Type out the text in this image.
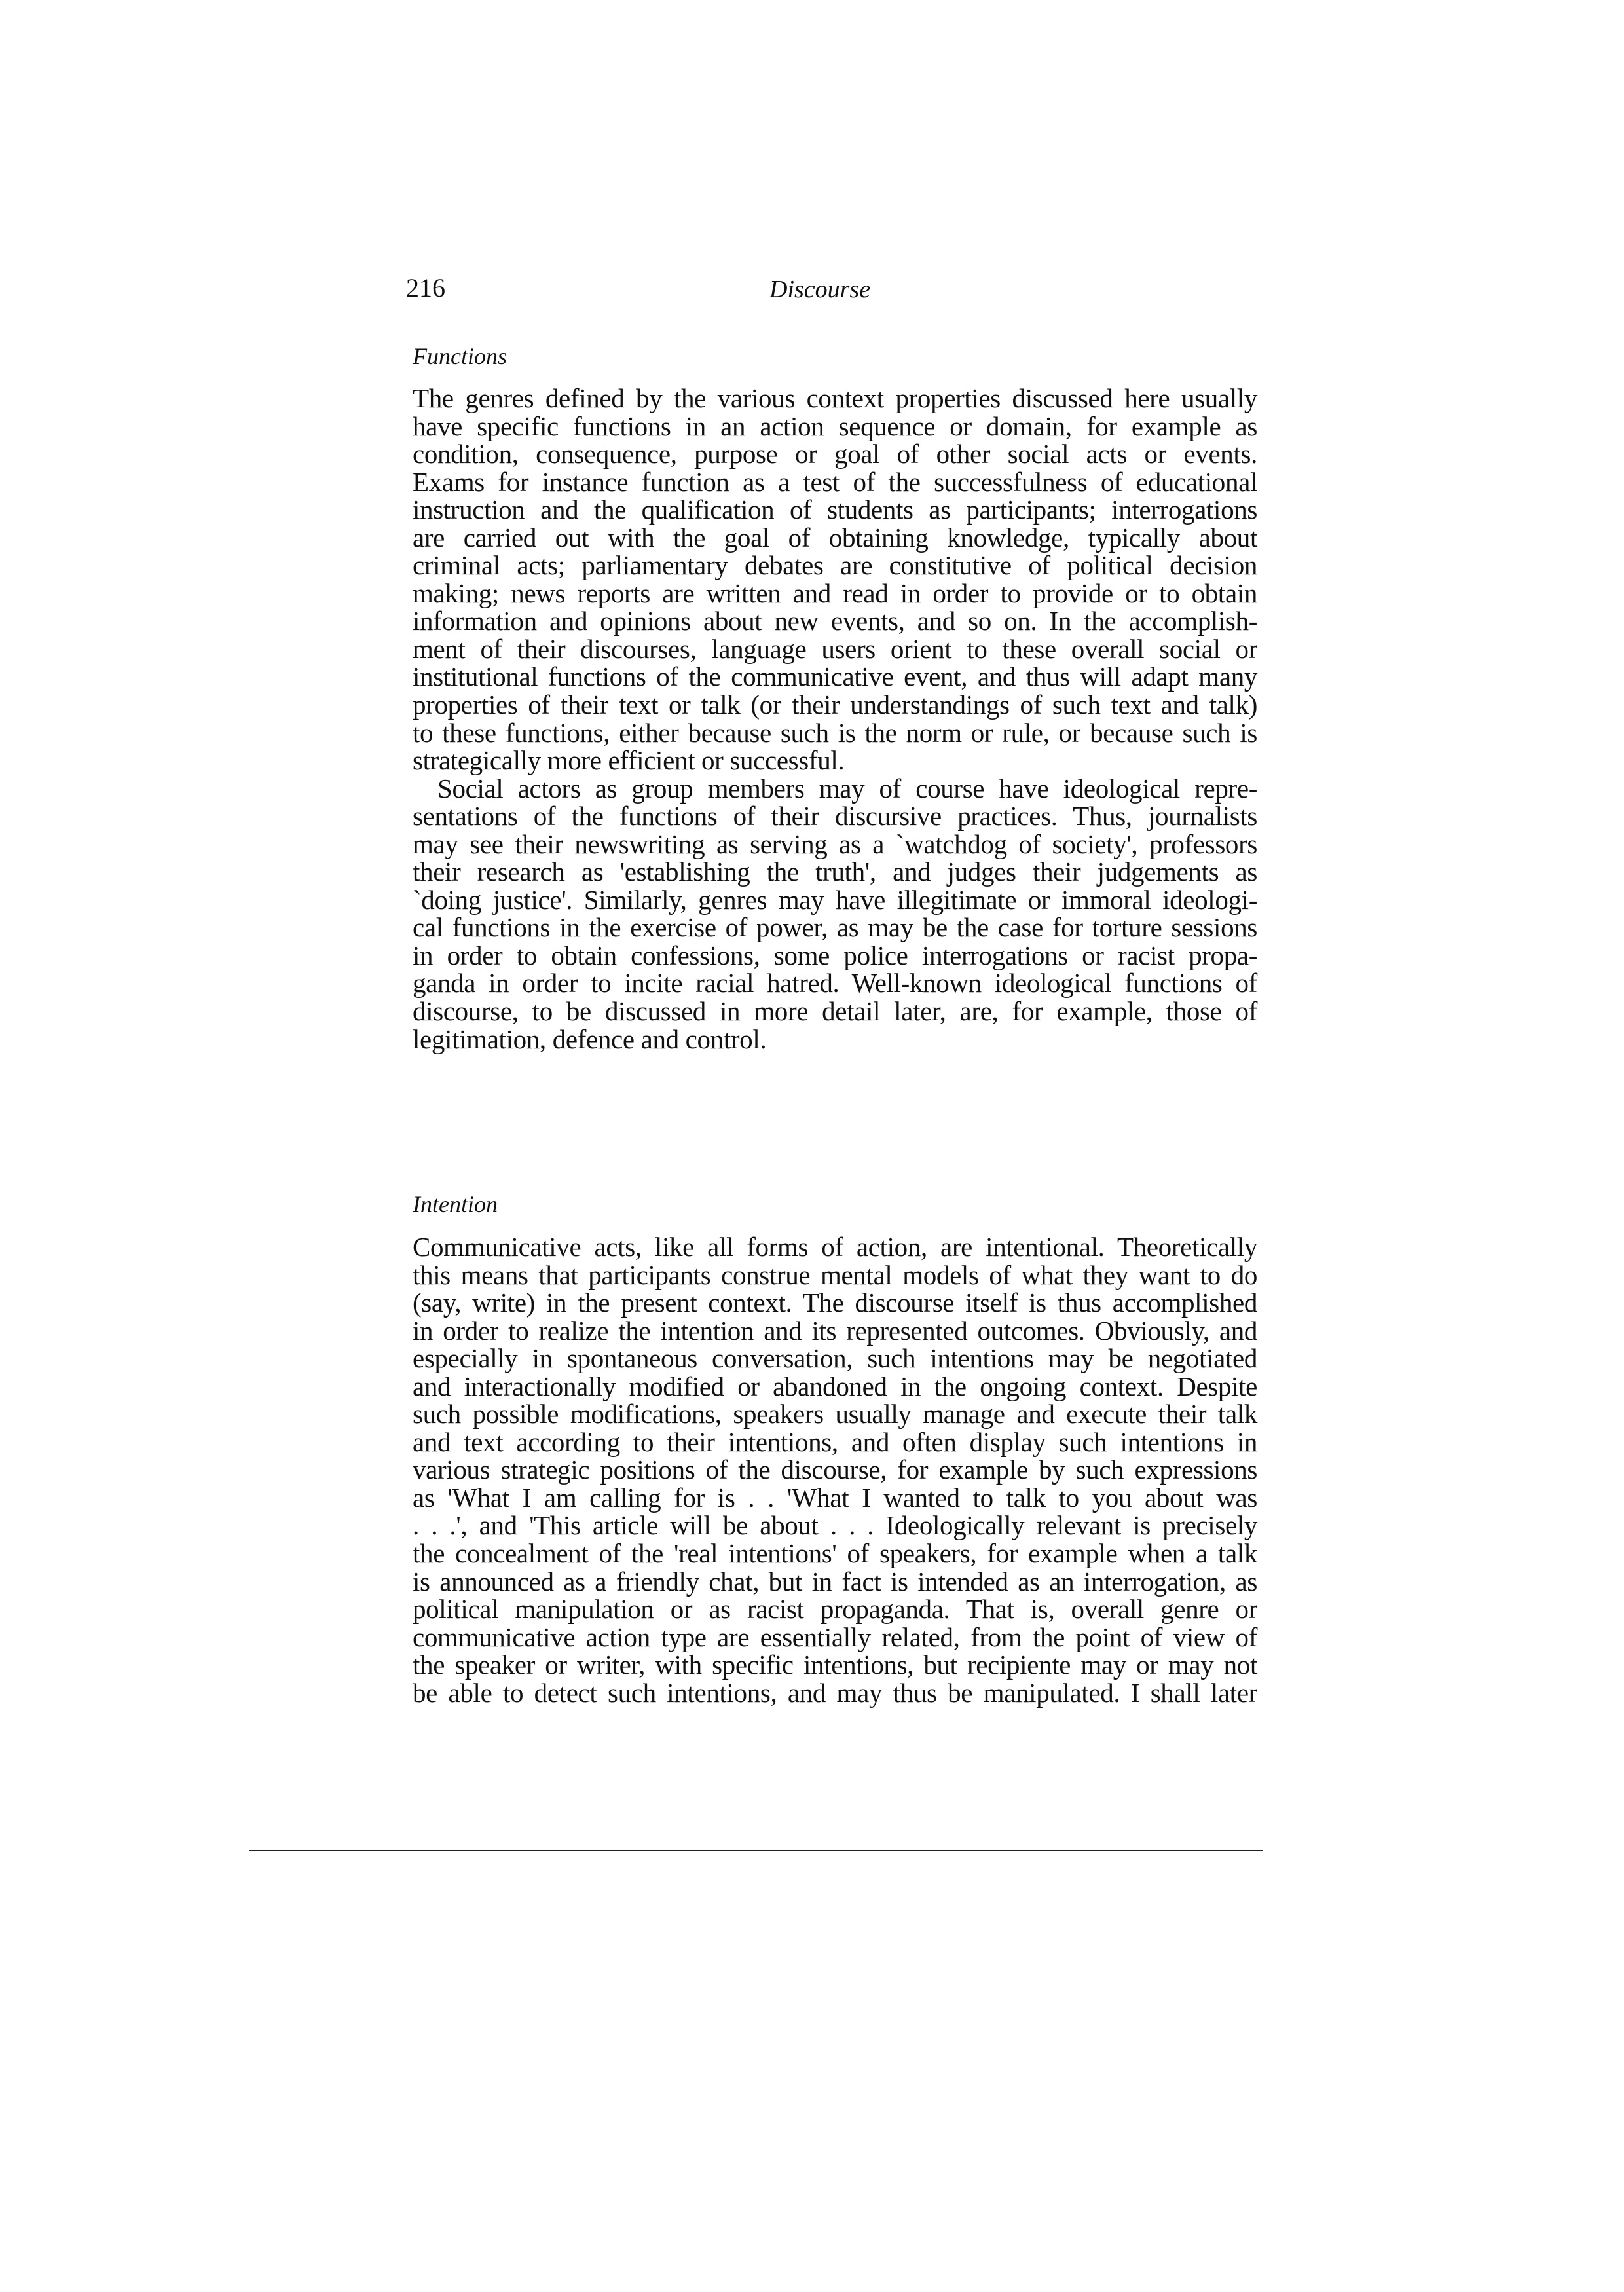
216	Discourse
Functions
The genres defined by the various context properties discussed here usually
have specific functions in an action sequence or domain, for example as
condition, consequence, purpose or goal of other social acts or events.
Exams for instance function as a test of the successfulness of educational
instruction and the qualification of students as participants; interrogations
are carried out with the goal of obtaining knowledge, typically about
criminal acts; parliamentary debates are constitutive of political decision
making; news reports are written and read in order to provide or to obtain
information and opinions about new events, and so on. In the accomplish-
ment of their discourses, language users orient to these overall social or
institutional functions of the communicative event, and thus will adapt many
properties of their text or talk (or their understandings of such text and talk)
to these functions, either because such is the norm or rule, or because such is
strategically more efficient or successful.
Social actors as group members may of course have ideological repre-
sentations of the functions of their discursive practices. Thus, journalists
may see their newswriting as serving as a `watchdog of society', professors
their research as 'establishing the truth', and judges their judgements as
`doing justice'. Similarly, genres may have illegitimate or immoral ideologi-
cal functions in the exercise of power, as may be the case for torture sessions
in order to obtain confessions, some police interrogations or racist propa-
ganda in order to incite racial hatred. Well-known ideological functions of
discourse, to be discussed in more detail later, are, for example, those of
legitimation, defence and control.
Intention
Communicative acts, like all forms of action, are intentional. Theoretically
this means that participants construe mental models of what they want to do
(say, write) in the present context. The discourse itself is thus accomplished
in order to realize the intention and its represented outcomes. Obviously, and
especially in spontaneous conversation, such intentions may be negotiated
and interactionally modified or abandoned in the ongoing context. Despite
such possible modifications, speakers usually manage and execute their talk
and text according to their intentions, and often display such intentions in
various strategic positions of the discourse, for example by such expressions
as 'What I am calling for is . . 'What I wanted to talk to you about was
. . .', and 'This article will be about . . . Ideologically relevant is precisely
the concealment of the 'real intentions' of speakers, for example when a talk
is announced as a friendly chat, but in fact is intended as an interrogation, as
political manipulation or as racist propaganda. That is, overall genre or
communicative action type are essentially related, from the point of view of
the speaker or writer, with specific intentions, but recipiente may or may not
be able to detect such intentions, and may thus be manipulated. I shall later
